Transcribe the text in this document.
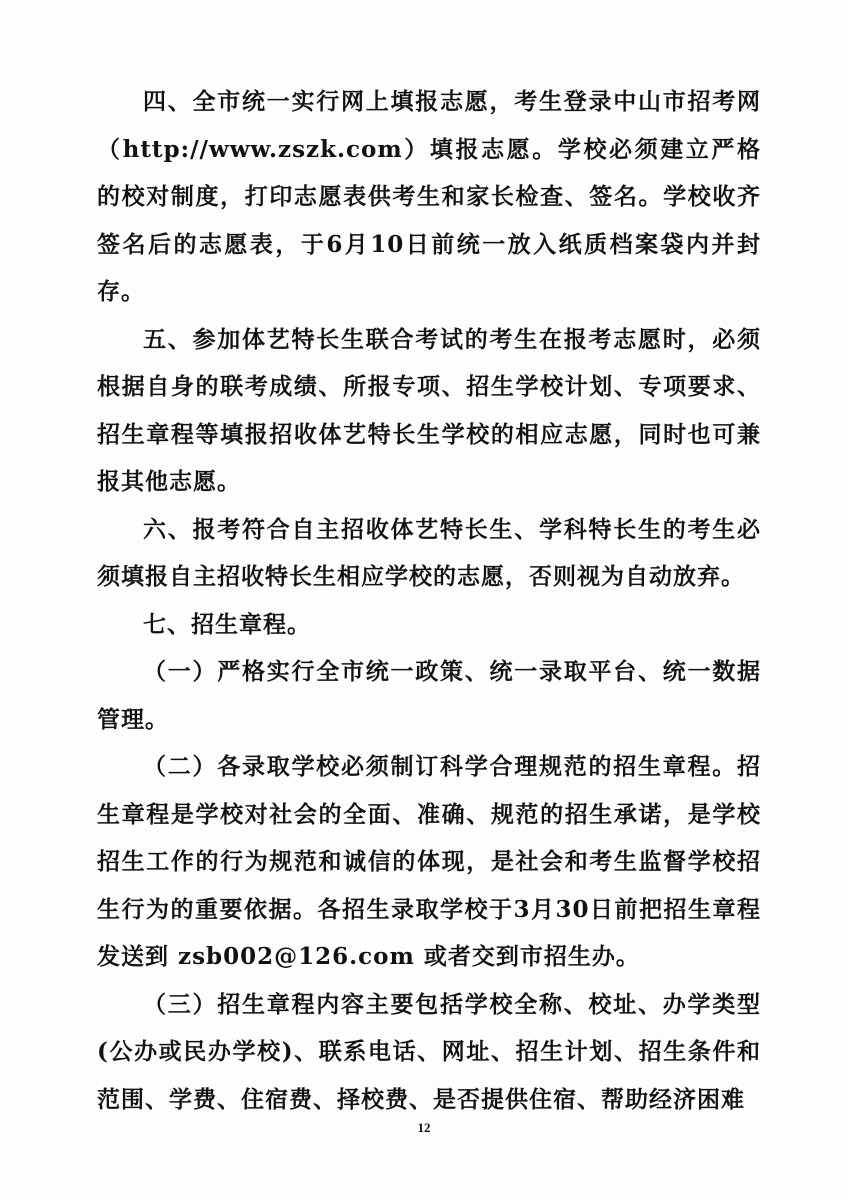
四、全市统一实行网上填报志愿，考生登录中山市招考网（http://www.zszk.com）填报志愿。学校必须建立严格的校对制度，打印志愿表供考生和家长检查、签名。学校收齐签名后的志愿表，于6月10日前统一放入纸质档案袋内并封存。

五、参加体艺特长生联合考试的考生在报考志愿时，必须根据自身的联考成绩、所报专项、招生学校计划、专项要求、招生章程等填报招收体艺特长生学校的相应志愿，同时也可兼报其他志愿。

六、报考符合自主招收体艺特长生、学科特长生的考生必须填报自主招收特长生相应学校的志愿，否则视为自动放弃。

七、招生章程。

（一）严格实行全市统一政策、统一录取平台、统一数据管理。

（二）各录取学校必须制订科学合理规范的招生章程。招生章程是学校对社会的全面、准确、规范的招生承诺，是学校招生工作的行为规范和诚信的体现，是社会和考生监督学校招生行为的重要依据。各招生录取学校于3月30日前把招生章程发送到 zsb002@126.com 或者交到市招生办。

（三）招生章程内容主要包括学校全称、校址、办学类型(公办或民办学校)、联系电话、网址、招生计划、招生条件和范围、学费、住宿费、择校费、是否提供住宿、帮助经济困难

12
